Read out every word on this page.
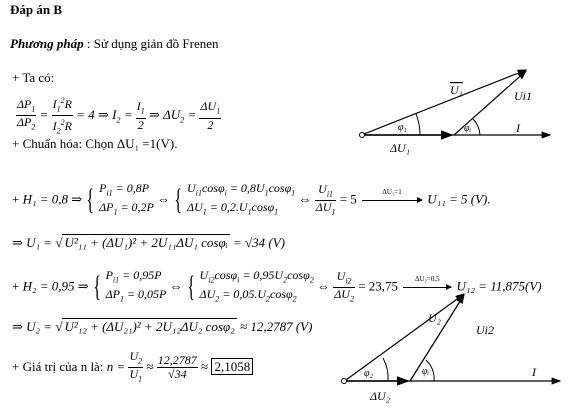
Đáp án B
Phương pháp : Sử dụng giản đồ Frenen
+ Ta có:
$\frac{\Delta P_1}{\Delta P_2} = \frac{I_1^2R}{I_2^2R} = 4$ ⇒ $I_2 = \frac{I_1}{2}$ ⇒ $\Delta U_2 = \frac{\Delta U_1}{2}$
+ Chuẩn hóa: Chọn ΔU₁ =1(V).
+ H₁ = 0,8 ⇒ { $P_{i1} = 0,8P$
$\Delta P_1 = 0,2P$
⇔ { $U_{i1}\cos\varphi_i = 0,8U_1\cos\varphi_1$
$\Delta U_1 = 0,2.U_1\cos\varphi_1$
⇔ $\frac{U_{i1}}{\Delta U_1} = 5$	ΔU₁=1	U₁₁ = 5 (V).
⇒ U₁ = √ U²₁₁ + (ΔU₁)² + 2U₁₁ΔU₁ cosφᵢ = √34 (V)
+ H₂ = 0,95 ⇒ { $P_{i1} = 0,95P$
$\Delta P_1 = 0,05P$
⇔ { $U_{i2}\cos\varphi_i = 0,95U_2\cos\varphi_2$
$\Delta U_2 = 0,05.U_2\cos\varphi_2$
⇔ $\frac{U_{i2}}{\Delta U_2} = 23,75$	ΔU₂=0,5	U₁₂ = 11,875(V)
⇒ U₂ = √ U²₁₂ + (ΔU₂₁)² + 2U₁₂ΔU₂ cosφ₂ ≈ 12,2787 (V)
+ Giá trị của n là: $n = \frac{U_2}{U_1} \approx \frac{12,2787}{√34} \approx 2,1058$
φ₁	φᵢ
U₁	Ui1
ΔU₁
I
φ₂	φᵢ
U₂
Ui2
ΔU₂
I
